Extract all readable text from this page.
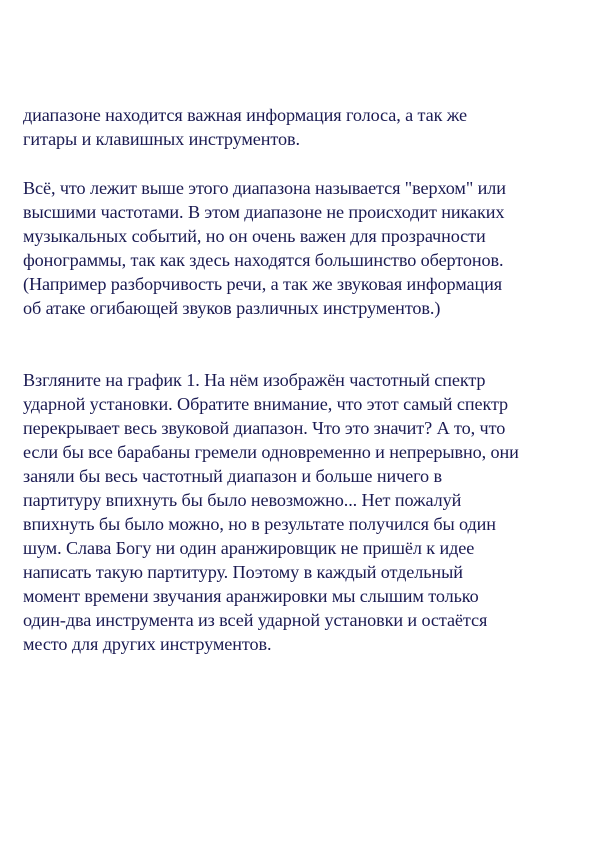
диапазоне находится важная информация голоса, а так же
гитары и клавишных инструментов.

Всё, что лежит выше этого диапазона называется "верхом" или
высшими частотами. В этом диапазоне не происходит никаких
музыкальных событий, но он очень важен для прозрачности
фонограммы, так как здесь находятся большинство обертонов.
(Например разборчивость речи, а так же звуковая информация
об атаке огибающей звуков различных инструментов.)

Взгляните на график 1. На нём изображён частотный спектр
ударной установки. Обратите внимание, что этот самый спектр
перекрывает весь звуковой диапазон. Что это значит? А то, что
если бы все барабаны гремели одновременно и непрерывно, они
заняли бы весь частотный диапазон и больше ничего в
партитуру впихнуть бы было невозможно... Нет пожалуй
впихнуть бы было можно, но в результате получился бы один
шум. Слава Богу ни один аранжировщик не пришёл к идее
написать такую партитуру. Поэтому в каждый отдельный
момент времени звучания аранжировки мы слышим только
один-два инструмента из всей ударной установки и остаётся
место для других инструментов.
